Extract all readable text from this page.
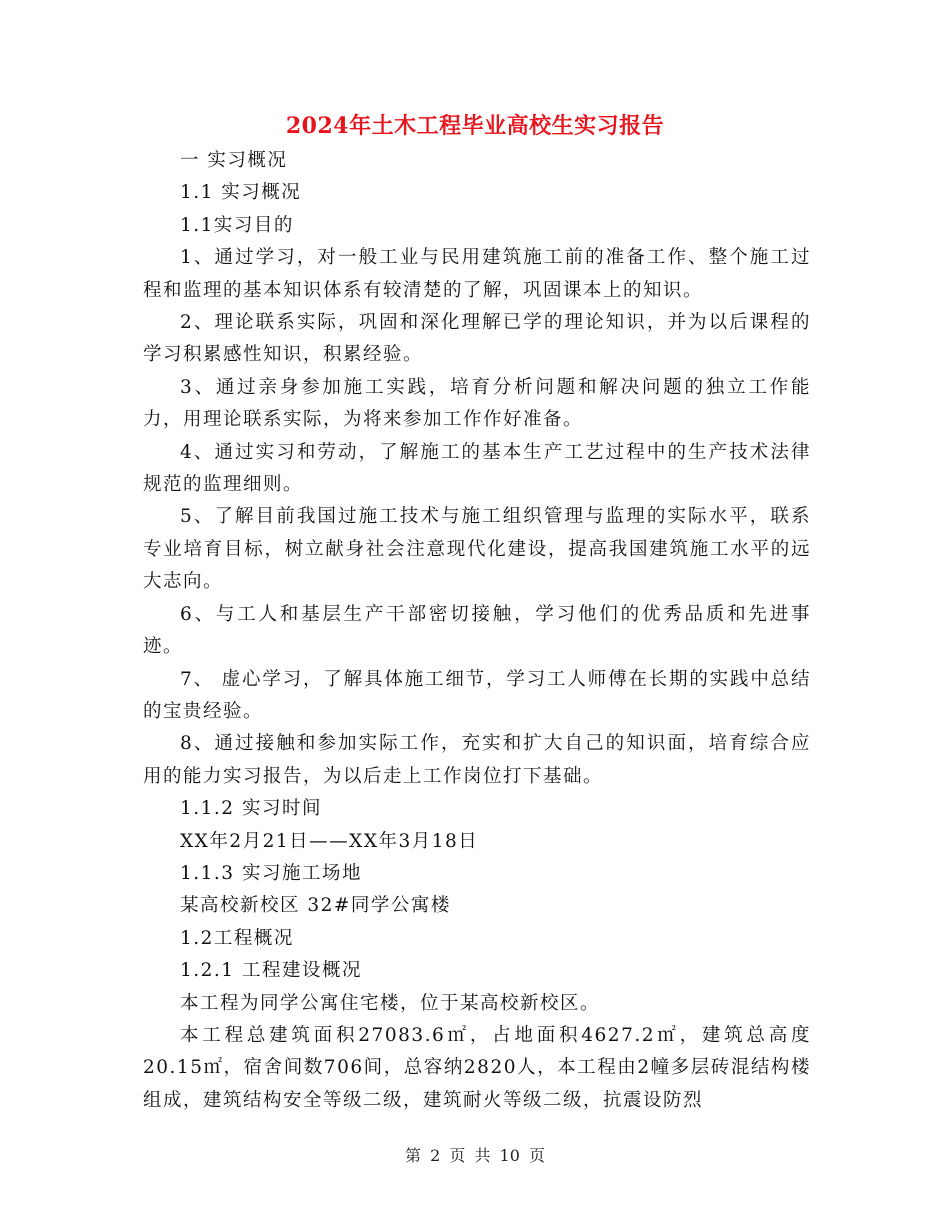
2024年土木工程毕业高校生实习报告

一 实习概况

1.1 实习概况

1.1实习目的

1、通过学习，对一般工业与民用建筑施工前的准备工作、整个施工过程和监理的基本知识体系有较清楚的了解，巩固课本上的知识。

2、理论联系实际，巩固和深化理解已学的理论知识，并为以后课程的学习积累感性知识，积累经验。

3、通过亲身参加施工实践，培育分析问题和解决问题的独立工作能力，用理论联系实际，为将来参加工作作好准备。

4、通过实习和劳动，了解施工的基本生产工艺过程中的生产技术法律规范的监理细则。

5、了解目前我国过施工技术与施工组织管理与监理的实际水平，联系专业培育目标，树立献身社会注意现代化建设，提高我国建筑施工水平的远大志向。

6、与工人和基层生产干部密切接触，学习他们的优秀品质和先进事迹。

7、 虚心学习，了解具体施工细节，学习工人师傅在长期的实践中总结的宝贵经验。

8、通过接触和参加实际工作，充实和扩大自己的知识面，培育综合应用的能力实习报告，为以后走上工作岗位打下基础。

1.1.2 实习时间

XX年2月21日——XX年3月18日

1.1.3 实习施工场地

某高校新校区 32#同学公寓楼

1.2工程概况

1.2.1 工程建设概况

本工程为同学公寓住宅楼，位于某高校新校区。

本工程总建筑面积27083.6㎡，占地面积4627.2㎡，建筑总高度20.15㎡，宿舍间数706间，总容纳2820人，本工程由2幢多层砖混结构楼组成，建筑结构安全等级二级，建筑耐火等级二级，抗震设防烈

第 2 页 共 10 页
